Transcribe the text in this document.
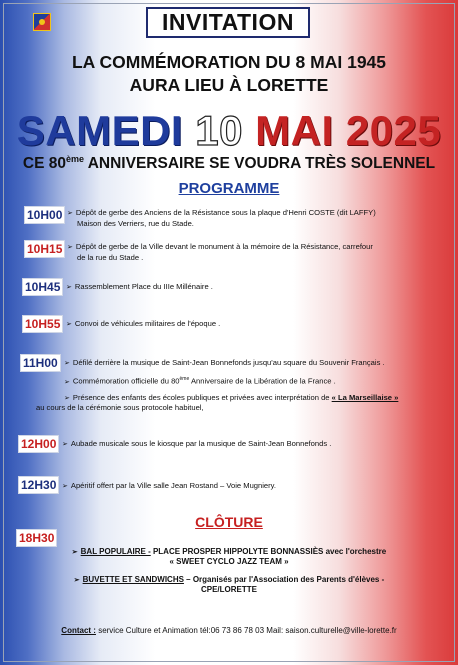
INVITATION
LA COMMÉMORATION DU 8 MAI 1945
AURA LIEU À LORETTE
SAMEDI 10 MAI 2025
CE 80ème ANNIVERSAIRE SE VOUDRA TRÈS SOLENNEL
PROGRAMME
10H00 ➢ Dépôt de gerbe des Anciens de la Résistance sous la plaque d'Henri COSTE (dit LAFFY)
Maison des Verriers, rue du Stade.
10H15 ➢ Dépôt de gerbe de la Ville devant le monument à la mémoire de la Résistance, carrefour
de la rue du Stade .
10H45 ➢ Rassemblement Place du IIIe Millénaire .
10H55 ➢ Convoi de véhicules militaires de l'époque .
11H00 ➢ Défilé derrière la musique de Saint-Jean Bonnefonds jusqu'au square du Souvenir Français .
➢ Commémoration officielle du 80ème Anniversaire de la Libération de la France .
➢ Présence des enfants des écoles publiques et privées avec interprétation de « La Marseillaise »
au cours de la cérémonie sous protocole habituel,
12H00 ➢ Aubade musicale sous le kiosque par la musique de Saint-Jean Bonnefonds .
12H30 ➢ Apéritif offert par la Ville salle Jean Rostand – Voie Mugniery.
CLÔTURE
18H30
➢ BAL POPULAIRE - PLACE PROSPER HIPPOLYTE BONNASSIÈS avec l'orchestre
« SWEET CYCLO JAZZ TEAM »
➢ BUVETTE ET SANDWICHS – Organisés par l'Association des Parents d'élèves -
CPE/LORETTE
Contact : service Culture et Animation tél:06 73 86 78 03 Mail: saison.culturelle@ville-lorette.fr
